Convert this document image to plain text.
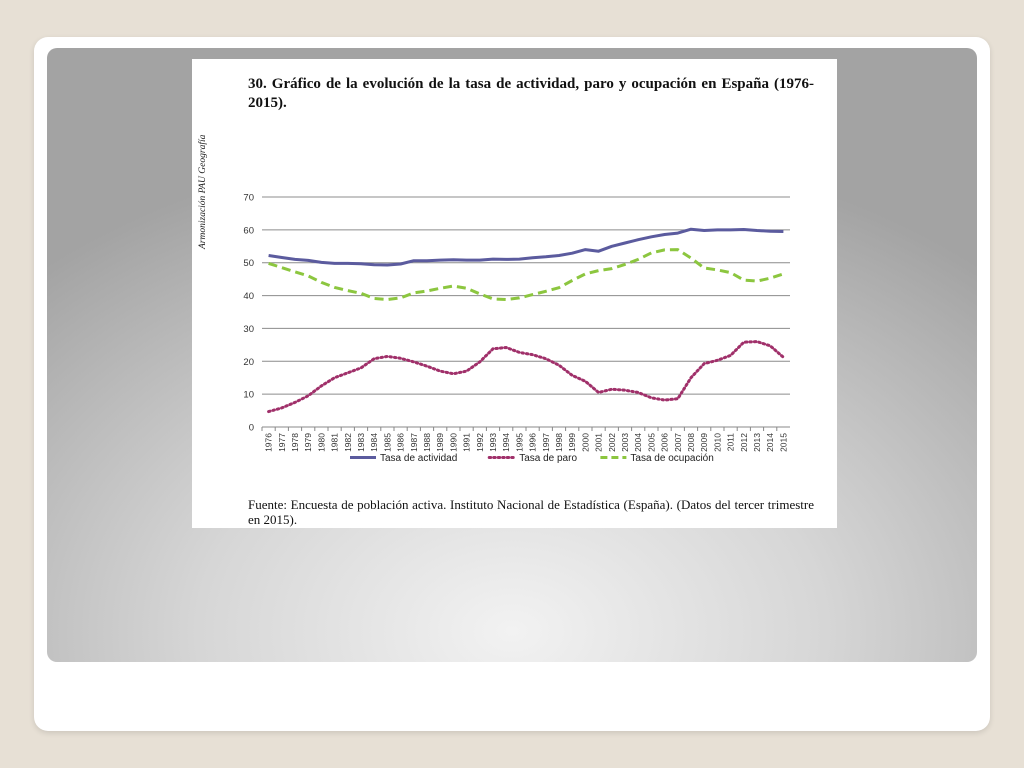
Armonización PAU Geografía
30. Gráfico de la evolución de la tasa de actividad, paro y ocupación en España (1976-2015).
0
10
20
30
40
50
60
70
1976 1977 1978 1979 1980 1981 1982 1983 1984 1985 1986 1987 1988 1989 1990 1991 1992 1993 1994 1995 1996 1997 1998 1999 2000 2001 2002 2003 2004 2005 2006 2007 2008 2009 2010 2011 2012 2013 2014 2015
Tasa de actividad	Tasa de paro	Tasa de ocupación
Fuente: Encuesta de población activa. Instituto Nacional de Estadística (España). (Datos del tercer trimestre en 2015).
